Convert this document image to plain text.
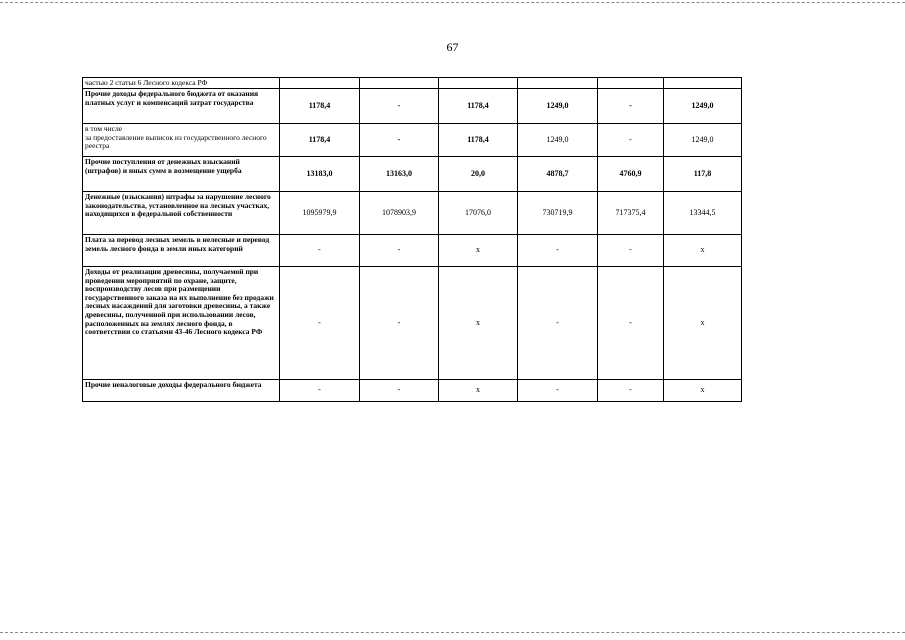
67
частью 2 статьи 6 Лесного кодекса РФ						
Прочие доходы федерального бюджета от оказания платных услуг и компенсаций затрат государства	1178,4	-	1178,4	1249,0	-	1249,0
в том числе
за предоставление выписок из государственного лесного реестра	1178,4	-	1178,4	1249,0	-	1249,0
Прочие поступления от денежных взысканий (штрафов) и иных сумм в возмещение ущерба	13183,0	13163,0	20,0	4878,7	4760,9	117,8
Денежные (взыскания) штрафы за нарушение лесного законодательства, установленное на лесных участках, находящихся в федеральной собственности	1095979,9	1078903,9	17076,0	730719,9	717375,4	13344,5
Плата за перевод лесных земель в нелесные и перевод земель лесного фонда в земли иных категорий	-	-	x	-	-	x
Доходы от реализации древесины, получаемой при проведении мероприятий по охране, защите, воспроизводству лесов при размещении государственного заказа на их выполнение без продажи лесных насаждений для заготовки древесины, а также древесины, полученной при использовании лесов, расположенных на землях лесного фонда, в соответствии со статьями 43-46 Лесного кодекса РФ	-	-	x	-	-	x
Прочие неналоговые доходы федерального бюджета	-	-	x	-	-	x
